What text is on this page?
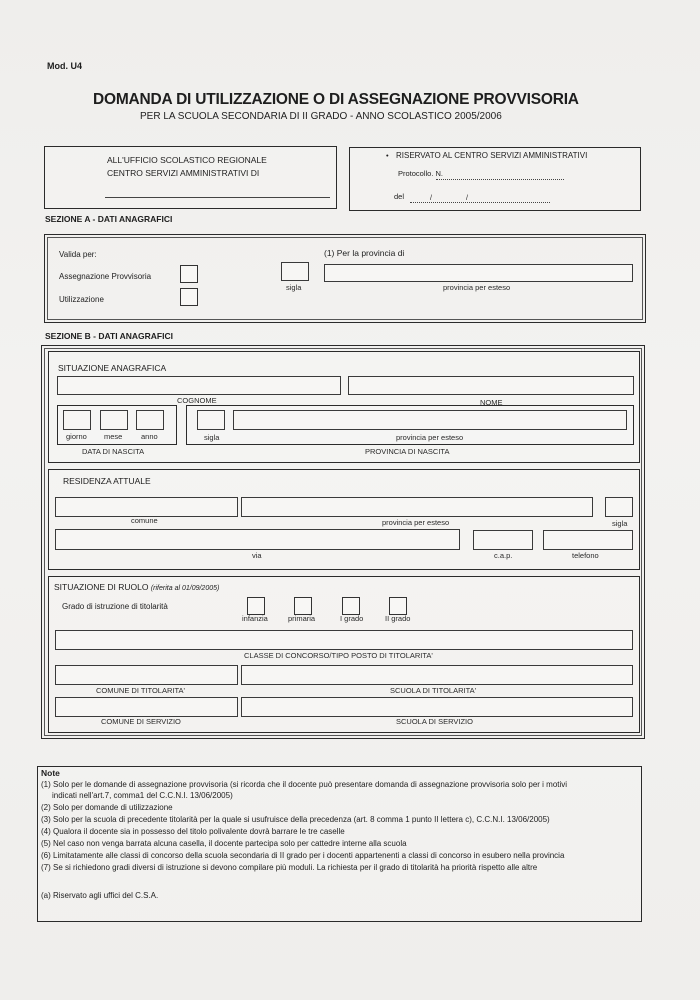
Mod. U4
DOMANDA DI UTILIZZAZIONE O DI ASSEGNAZIONE PROVVISORIA
PER LA SCUOLA SECONDARIA DI II GRADO - ANNO SCOLASTICO 2005/2006
ALL'UFFICIO SCOLASTICO REGIONALE
CENTRO SERVIZI AMMINISTRATIVI DI
• RISERVATO AL CENTRO SERVIZI AMMINISTRATIVI
Protocollo. N.
del	/	/
SEZIONE A - DATI ANAGRAFICI
Valida per:
Assegnazione Provvisoria
Utilizzazione
(1) Per la provincia di
sigla	provincia per esteso
SEZIONE B - DATI ANAGRAFICI
SITUAZIONE ANAGRAFICA
COGNOME	NOME
giorno mese anno
DATA DI NASCITA
sigla	provincia per esteso
PROVINCIA DI NASCITA
RESIDENZA ATTUALE
comune	provincia per esteso	sigla
via	c.a.p.	telefono
SITUAZIONE DI RUOLO (riferita al 01/09/2005)
Grado di istruzione di titolarità
infanzia	primaria	I grado	II grado
CLASSE DI CONCORSO/TIPO POSTO DI TITOLARITA'
COMUNE DI TITOLARITA'	SCUOLA DI TITOLARITA'
COMUNE DI SERVIZIO	SCUOLA DI SERVIZIO
Note
(1) Solo per le domande di assegnazione provvisoria (si ricorda che il docente può presentare domanda di assegnazione provvisoria solo per i motivi
indicati nell'art.7, comma1 del C.C.N.I. 13/06/2005)
(2) Solo per domande di utilizzazione
(3) Solo per la scuola di precedente titolarità per la quale si usufruisce della precedenza (art. 8 comma 1 punto II lettera c), C.C.N.I. 13/06/2005)
(4) Qualora il docente sia in possesso del titolo polivalente dovrà barrare le tre caselle
(5) Nel caso non venga barrata alcuna casella, il docente partecipa solo per cattedre interne alla scuola
(6) Limitatamente alle classi di concorso della scuola secondaria di II grado per i docenti appartenenti a classi di concorso in esubero nella provincia
(7) Se si richiedono gradi diversi di istruzione si devono compilare più moduli. La richiesta per il grado di titolarità ha priorità rispetto alle altre
(a) Riservato agli uffici del C.S.A.
